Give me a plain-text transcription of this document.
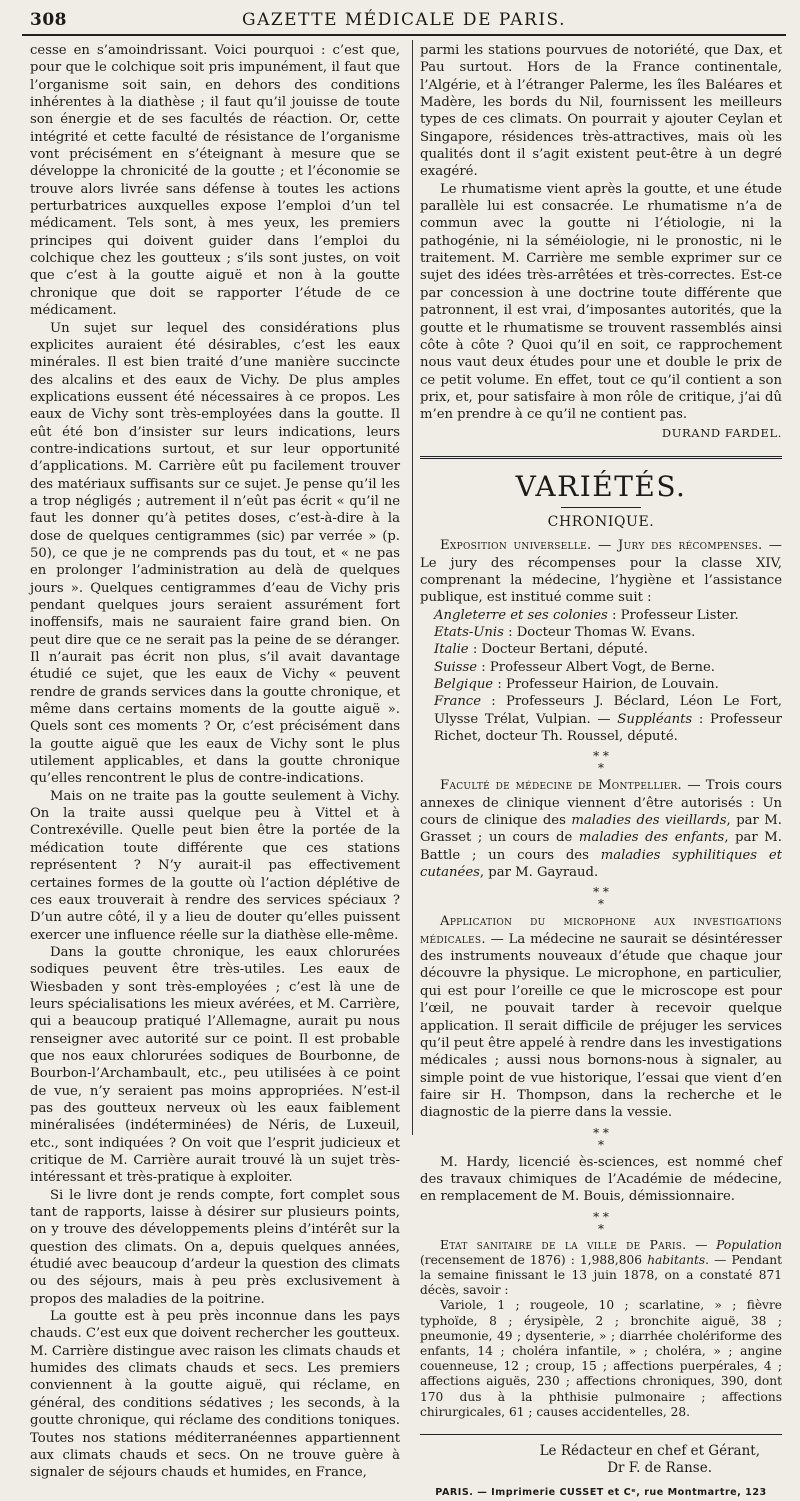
308	GAZETTE MÉDICALE DE PARIS.

cesse en s’amoindrissant. Voici pourquoi : c’est que, pour que le colchique soit pris impunément, il faut que l’organisme soit sain, en dehors des conditions inhérentes à la diathèse ; il faut qu’il jouisse de toute son énergie et de ses facultés de réaction. Or, cette intégrité et cette faculté de résistance de l’organisme vont précisément en s’éteignant à mesure que se développe la chronicité de la goutte ; et l’économie se trouve alors livrée sans défense à toutes les actions perturbatrices auxquelles expose l’emploi d’un tel médicament. Tels sont, à mes yeux, les premiers principes qui doivent guider dans l’emploi du colchique chez les goutteux ; s’ils sont justes, on voit que c’est à la goutte aiguë et non à la goutte chronique que doit se rapporter l’étude de ce médicament.

Un sujet sur lequel des considérations plus explicites auraient été désirables, c’est les eaux minérales. Il est bien traité d’une manière succincte des alcalins et des eaux de Vichy. De plus amples explications eussent été nécessaires à ce propos. Les eaux de Vichy sont très-employées dans la goutte. Il eût été bon d’insister sur leurs indications, leurs contre-indications surtout, et sur leur opportunité d’applications. M. Carrière eût pu facilement trouver des matériaux suffisants sur ce sujet. Je pense qu’il les a trop négligés ; autrement il n’eût pas écrit « qu’il ne faut les donner qu’à petites doses, c’est-à-dire à la dose de quelques centigrammes (sic) par verrée » (p. 50), ce que je ne comprends pas du tout, et « ne pas en prolonger l’administration au delà de quelques jours ». Quelques centigrammes d’eau de Vichy pris pendant quelques jours seraient assurément fort inoffensifs, mais ne sauraient faire grand bien. On peut dire que ce ne serait pas la peine de se déranger. Il n’aurait pas écrit non plus, s’il avait davantage étudié ce sujet, que les eaux de Vichy « peuvent rendre de grands services dans la goutte chronique, et même dans certains moments de la goutte aiguë ». Quels sont ces moments ? Or, c’est précisément dans la goutte aiguë que les eaux de Vichy sont le plus utilement applicables, et dans la goutte chronique qu’elles rencontrent le plus de contre-indications.

Mais on ne traite pas la goutte seulement à Vichy. On la traite aussi quelque peu à Vittel et à Contrexéville. Quelle peut bien être la portée de la médication toute différente que ces stations représentent ? N’y aurait-il pas effectivement certaines formes de la goutte où l’action déplétive de ces eaux trouverait à rendre des services spéciaux ? D’un autre côté, il y a lieu de douter qu’elles puissent exercer une influence réelle sur la diathèse elle-même.

Dans la goutte chronique, les eaux chlorurées sodiques peuvent être très-utiles. Les eaux de Wiesbaden y sont très-employées ; c’est là une de leurs spécialisations les mieux avérées, et M. Carrière, qui a beaucoup pratiqué l’Allemagne, aurait pu nous renseigner avec autorité sur ce point. Il est probable que nos eaux chlorurées sodiques de Bourbonne, de Bourbon-l’Archambault, etc., peu utilisées à ce point de vue, n’y seraient pas moins appropriées. N’est-il pas des goutteux nerveux où les eaux faiblement minéralisées (indéterminées) de Néris, de Luxeuil, etc., sont indiquées ? On voit que l’esprit judicieux et critique de M. Carrière aurait trouvé là un sujet très-intéressant et très-pratique à exploiter.

Si le livre dont je rends compte, fort complet sous tant de rapports, laisse à désirer sur plusieurs points, on y trouve des développements pleins d’intérêt sur la question des climats. On a, depuis quelques années, étudié avec beaucoup d’ardeur la question des climats ou des séjours, mais à peu près exclusivement à propos des maladies de la poitrine.

La goutte est à peu près inconnue dans les pays chauds. C’est eux que doivent rechercher les goutteux. M. Carrière distingue avec raison les climats chauds et humides des climats chauds et secs. Les premiers conviennent à la goutte aiguë, qui réclame, en général, des conditions sédatives ; les seconds, à la goutte chronique, qui réclame des conditions toniques. Toutes nos stations méditerranéennes appartiennent aux climats chauds et secs. On ne trouve guère à signaler de séjours chauds et humides, en France,

parmi les stations pourvues de notoriété, que Dax, et Pau surtout. Hors de la France continentale, l’Algérie, et à l’étranger Palerme, les îles Baléares et Madère, les bords du Nil, fournissent les meilleurs types de ces climats. On pourrait y ajouter Ceylan et Singapore, résidences très-attractives, mais où les qualités dont il s’agit existent peut-être à un degré exagéré.

Le rhumatisme vient après la goutte, et une étude parallèle lui est consacrée. Le rhumatisme n’a de commun avec la goutte ni l’étiologie, ni la pathogénie, ni la séméiologie, ni le pronostic, ni le traitement. M. Carrière me semble exprimer sur ce sujet des idées très-arrêtées et très-correctes. Est-ce par concession à une doctrine toute différente que patronnent, il est vrai, d’imposantes autorités, que la goutte et le rhumatisme se trouvent rassemblés ainsi côte à côte ? Quoi qu’il en soit, ce rapprochement nous vaut deux études pour une et double le prix de ce petit volume. En effet, tout ce qu’il contient a son prix, et, pour satisfaire à mon rôle de critique, j’ai dû m’en prendre à ce qu’il ne contient pas.

DURAND FARDEL.
VARIÉTÉS.
CHRONIQUE.

Exposition universelle. — Jury des récompenses. — Le jury des récompenses pour la classe XIV, comprenant la médecine, l’hygiène et l’assistance publique, est institué comme suit :

Angleterre et ses colonies : Professeur Lister.

Etats-Unis : Docteur Thomas W. Evans.

Italie : Docteur Bertani, député.

Suisse : Professeur Albert Vogt, de Berne.

Belgique : Professeur Hairion, de Louvain.

France : Professeurs J. Béclard, Léon Le Fort, Ulysse Trélat, Vulpian. — Suppléants : Professeur Richet, docteur Th. Roussel, député.

* *
*

Faculté de médecine de Montpellier. — Trois cours annexes de clinique viennent d’être autorisés : Un cours de clinique des maladies des vieillards, par M. Grasset ; un cours de maladies des enfants, par M. Battle ; un cours des maladies syphilitiques et cutanées, par M. Gayraud.

* *
*

Application du microphone aux investigations médicales. — La médecine ne saurait se désintéresser des instruments nouveaux d’étude que chaque jour découvre la physique. Le microphone, en particulier, qui est pour l’oreille ce que le microscope est pour l’œil, ne pouvait tarder à recevoir quelque application. Il serait difficile de préjuger les services qu’il peut être appelé à rendre dans les investigations médicales ; aussi nous bornons-nous à signaler, au simple point de vue historique, l’essai que vient d’en faire sir H. Thompson, dans la recherche et le diagnostic de la pierre dans la vessie.

* *
*

M. Hardy, licencié ès-sciences, est nommé chef des travaux chimiques de l’Académie de médecine, en remplacement de M. Bouis, démissionnaire.

* *
*

Etat sanitaire de la ville de Paris. — Population (recensement de 1876) : 1,988,806 habitants. — Pendant la semaine finissant le 13 juin 1878, on a constaté 871 décès, savoir :

Variole, 1 ; rougeole, 10 ; scarlatine, » ; fièvre typhoïde, 8 ; érysipèle, 2 ; bronchite aiguë, 38 ; pneumonie, 49 ; dysenterie, » ; diarrhée cholériforme des enfants, 14 ; choléra infantile, » ; choléra, » ; angine couenneuse, 12 ; croup, 15 ; affections puerpérales, 4 ; affections aiguës, 230 ; affections chroniques, 390, dont 170 dus à la phthisie pulmonaire ; affections chirurgicales, 61 ; causes accidentelles, 28.

Le Rédacteur en chef et Gérant,
Dr F. de Ranse.
PARIS. — Imprimerie CUSSET et Cᵉ, rue Montmartre, 123
